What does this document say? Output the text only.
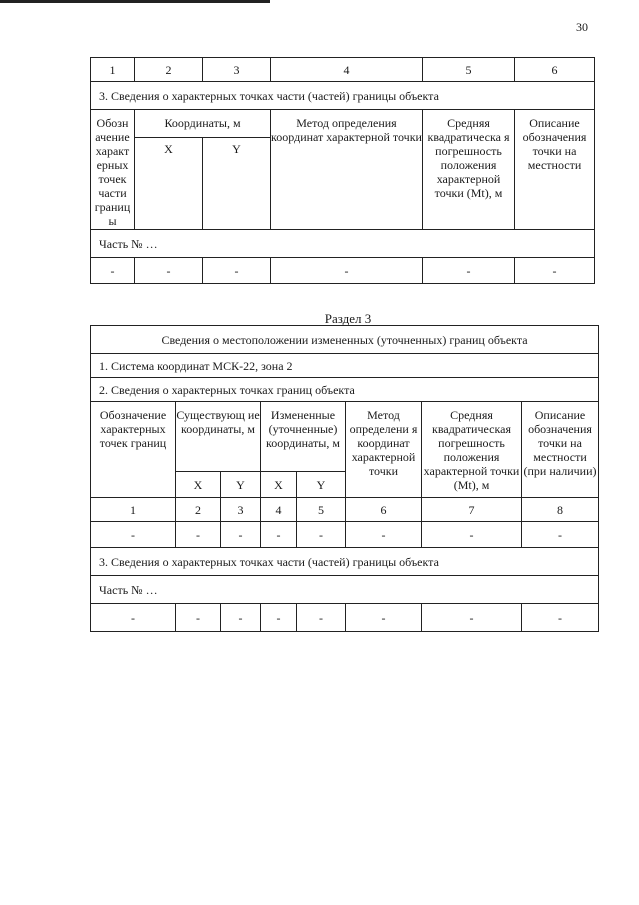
30
1	2	3	4	5	6
3. Сведения о характерных точках части (частей) границы объекта					
Обозн ачение характ ерных точек части границ ы	Координаты, м		Метод определения координат характерной точки	Средняя квадратическа я погрешность положения характерной точки (Mt), м	Описание обозначения точки на местности
	X	Y			
Часть № …					
-	-	-	-	-	-
Раздел 3
Сведения о местоположении измененных (уточненных) границ объекта							
1. Система координат МСК-22, зона 2							
2. Сведения о характерных точках границ объекта							
Обозначение характерных точек границ	Существующ ие координаты, м		Измененные (уточненные) координаты, м		Метод определени я координат характерной точки	Средняя квадратическая погрешность положения характерной точки (Mt), м	Описание обозначения точки на местности (при наличии)
	X	Y	X	Y			
1	2	3	4	5	6	7	8
-	-	-	-	-	-	-	-
3. Сведения о характерных точках части (частей) границы объекта							
Часть № …							
-	-	-	-	-	-	-	-
